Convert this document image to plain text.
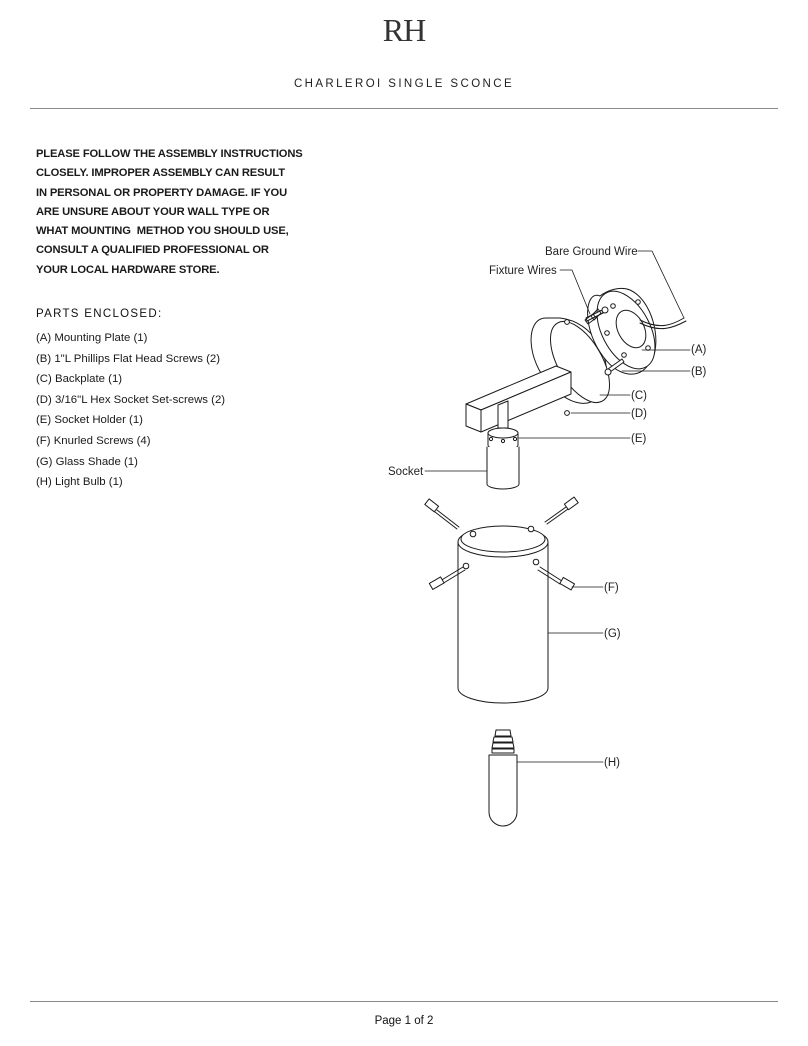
RH
CHARLEROI SINGLE SCONCE
PLEASE FOLLOW THE ASSEMBLY INSTRUCTIONS
CLOSELY. IMPROPER ASSEMBLY CAN RESULT
IN PERSONAL OR PROPERTY DAMAGE. IF YOU
ARE UNSURE ABOUT YOUR WALL TYPE OR
WHAT MOUNTING  METHOD YOU SHOULD USE,
CONSULT A QUALIFIED PROFESSIONAL OR
YOUR LOCAL HARDWARE STORE.
PARTS ENCLOSED:
(A) Mounting Plate (1)
(B) 1"L Phillips Flat Head Screws (2)
(C) Backplate (1)
(D) 3/16"L Hex Socket Set-screws (2)
(E) Socket Holder (1)
(F) Knurled Screws (4)
(G) Glass Shade (1)
(H) Light Bulb (1)
Bare Ground Wire
Fixture Wires
(A)
(B)
(C)
(D)
(E)
Socket
(F)
(G)
(H)
Page 1 of 2
